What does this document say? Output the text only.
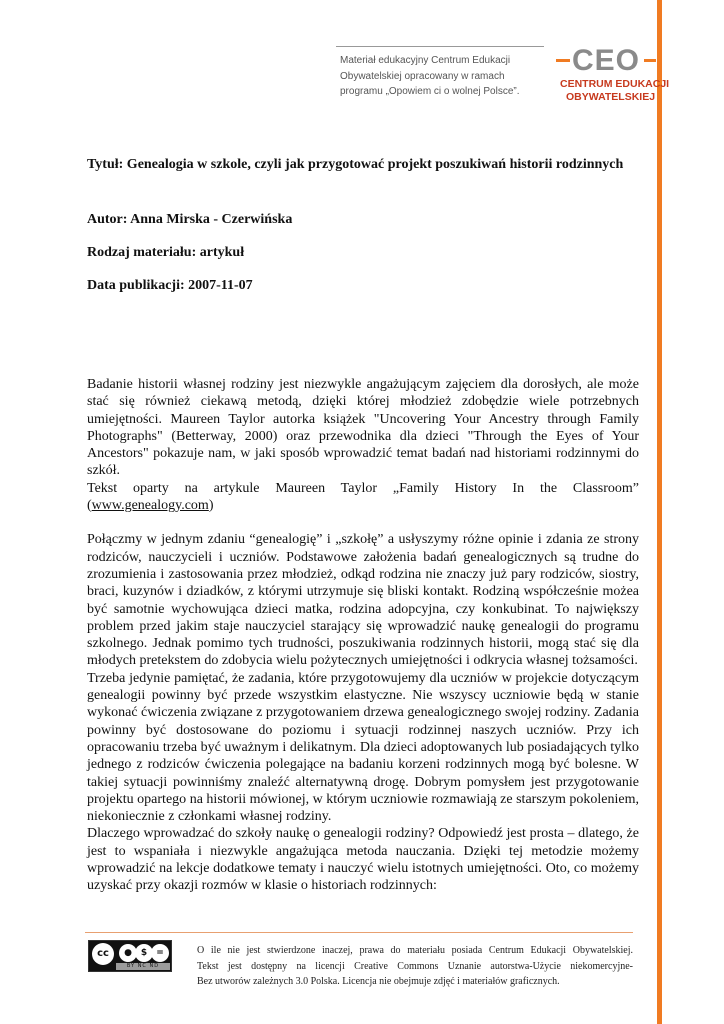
Materiał edukacyjny Centrum Edukacji
Obywatelskiej opracowany w ramach
programu „Opowiem ci o wolnej Polsce”.
CEO
CENTRUM EDUKACJI
OBYWATELSKIEJ
Tytuł: Genealogia w szkole, czyli jak przygotować projekt poszukiwań historii rodzinnych
Autor: Anna Mirska - Czerwińska
Rodzaj materiału: artykuł
Data publikacji: 2007-11-07

Badanie historii własnej rodziny jest niezwykle angażującym zajęciem dla dorosłych, ale może stać się również ciekawą metodą, dzięki której młodzież zdobędzie wiele potrzebnych umiejętności. Maureen Taylor autorka książek "Uncovering Your Ancestry through Family Photographs" (Betterway, 2000) oraz przewodnika dla dzieci "Through the Eyes of Your Ancestors" pokazuje nam, w jaki sposób wprowadzić temat badań nad historiami rodzinnymi do szkół.

Tekst oparty na artykule Maureen Taylor „Family History In the Classroom” (www.genealogy.com)

Połączmy w jednym zdaniu “genealogię” i „szkołę” a usłyszymy różne opinie i zdania ze strony rodziców, nauczycieli i uczniów. Podstawowe założenia badań genealogicznych są trudne do zrozumienia i zastosowania przez młodzież, odkąd rodzina nie znaczy już pary rodziców, siostry, braci, kuzynów i dziadków, z którymi utrzymuje się bliski kontakt. Rodziną współcześnie możea być samotnie wychowująca dzieci matka, rodzina adopcyjna, czy konkubinat. To największy problem przed jakim staje nauczyciel starający się wprowadzić naukę genealogii do programu szkolnego. Jednak pomimo tych trudności, poszukiwania rodzinnych historii, mogą stać się dla młodych pretekstem do zdobycia wielu pożytecznych umiejętności i odkrycia własnej tożsamości.

Trzeba jedynie pamiętać, że zadania, które przygotowujemy dla uczniów w projekcie dotyczącym genealogii powinny być przede wszystkim elastyczne. Nie wszyscy uczniowie będą w stanie wykonać ćwiczenia związane z przygotowaniem drzewa genealogicznego swojej rodziny. Zadania powinny być dostosowane do poziomu i sytuacji rodzinnej naszych uczniów. Przy ich opracowaniu trzeba być uważnym i delikatnym. Dla dzieci adoptowanych lub posiadających tylko jednego z rodziców ćwiczenia polegające na badaniu korzeni rodzinnych mogą być bolesne. W takiej sytuacji powinniśmy znaleźć alternatywną drogę. Dobrym pomysłem jest przygotowanie projektu opartego na historii mówionej, w którym uczniowie rozmawiają ze starszym pokoleniem, niekoniecznie z członkami własnej rodziny.

Dlaczego wprowadzać do szkoły naukę o genealogii rodziny? Odpowiedź jest prosta – dlatego, że jest to wspaniała i niezwykle angażująca metoda nauczania. Dzięki tej metodzie możemy wprowadzić na lekcje dodatkowe tematy i nauczyć wielu istotnych umiejętności. Oto, co możemy uzyskać przy okazji rozmów w klasie o historiach rodzinnych:

cc	● $	=
BY NC ND
O ile nie jest stwierdzone inaczej, prawa do materiału posiada Centrum Edukacji Obywatelskiej.
Tekst jest dostępny na licencji Creative Commons Uznanie autorstwa-Użycie niekomercyjne-
Bez utworów zależnych 3.0 Polska. Licencja nie obejmuje zdjęć i materiałów graficznych.
